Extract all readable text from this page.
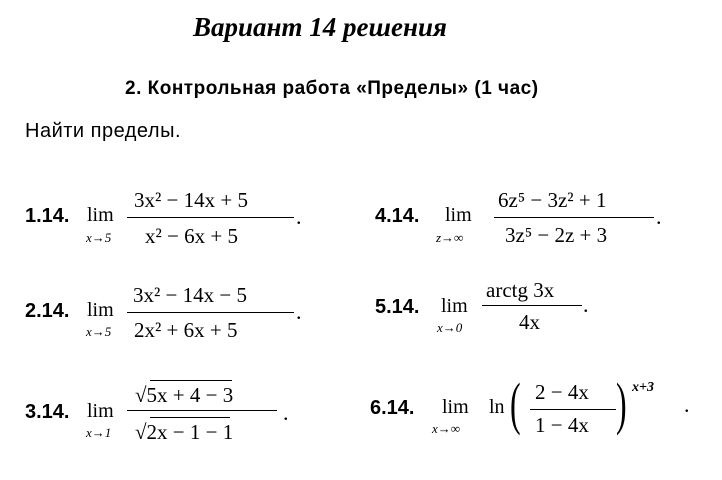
Вариант 14 решения
2. Контрольная работа «Пределы» (1 час)
Найти пределы.
1.14. lim
x→5
3x² − 14x + 5
x² − 6x + 5
.
2.14. lim
x→5
3x² − 14x − 5
2x² + 6x + 5
.
3.14. lim
x→1
√5x + 4 − 3
√2x − 1 − 1
.
4.14. lim
z→∞
6z⁵ − 3z² + 1
3z⁵ − 2z + 3
.
5.14. lim
x→0
arctg 3x
4x
.
6.14. lim
x→∞
ln ( 2 − 4x
1 − 4x ) x+3
.
